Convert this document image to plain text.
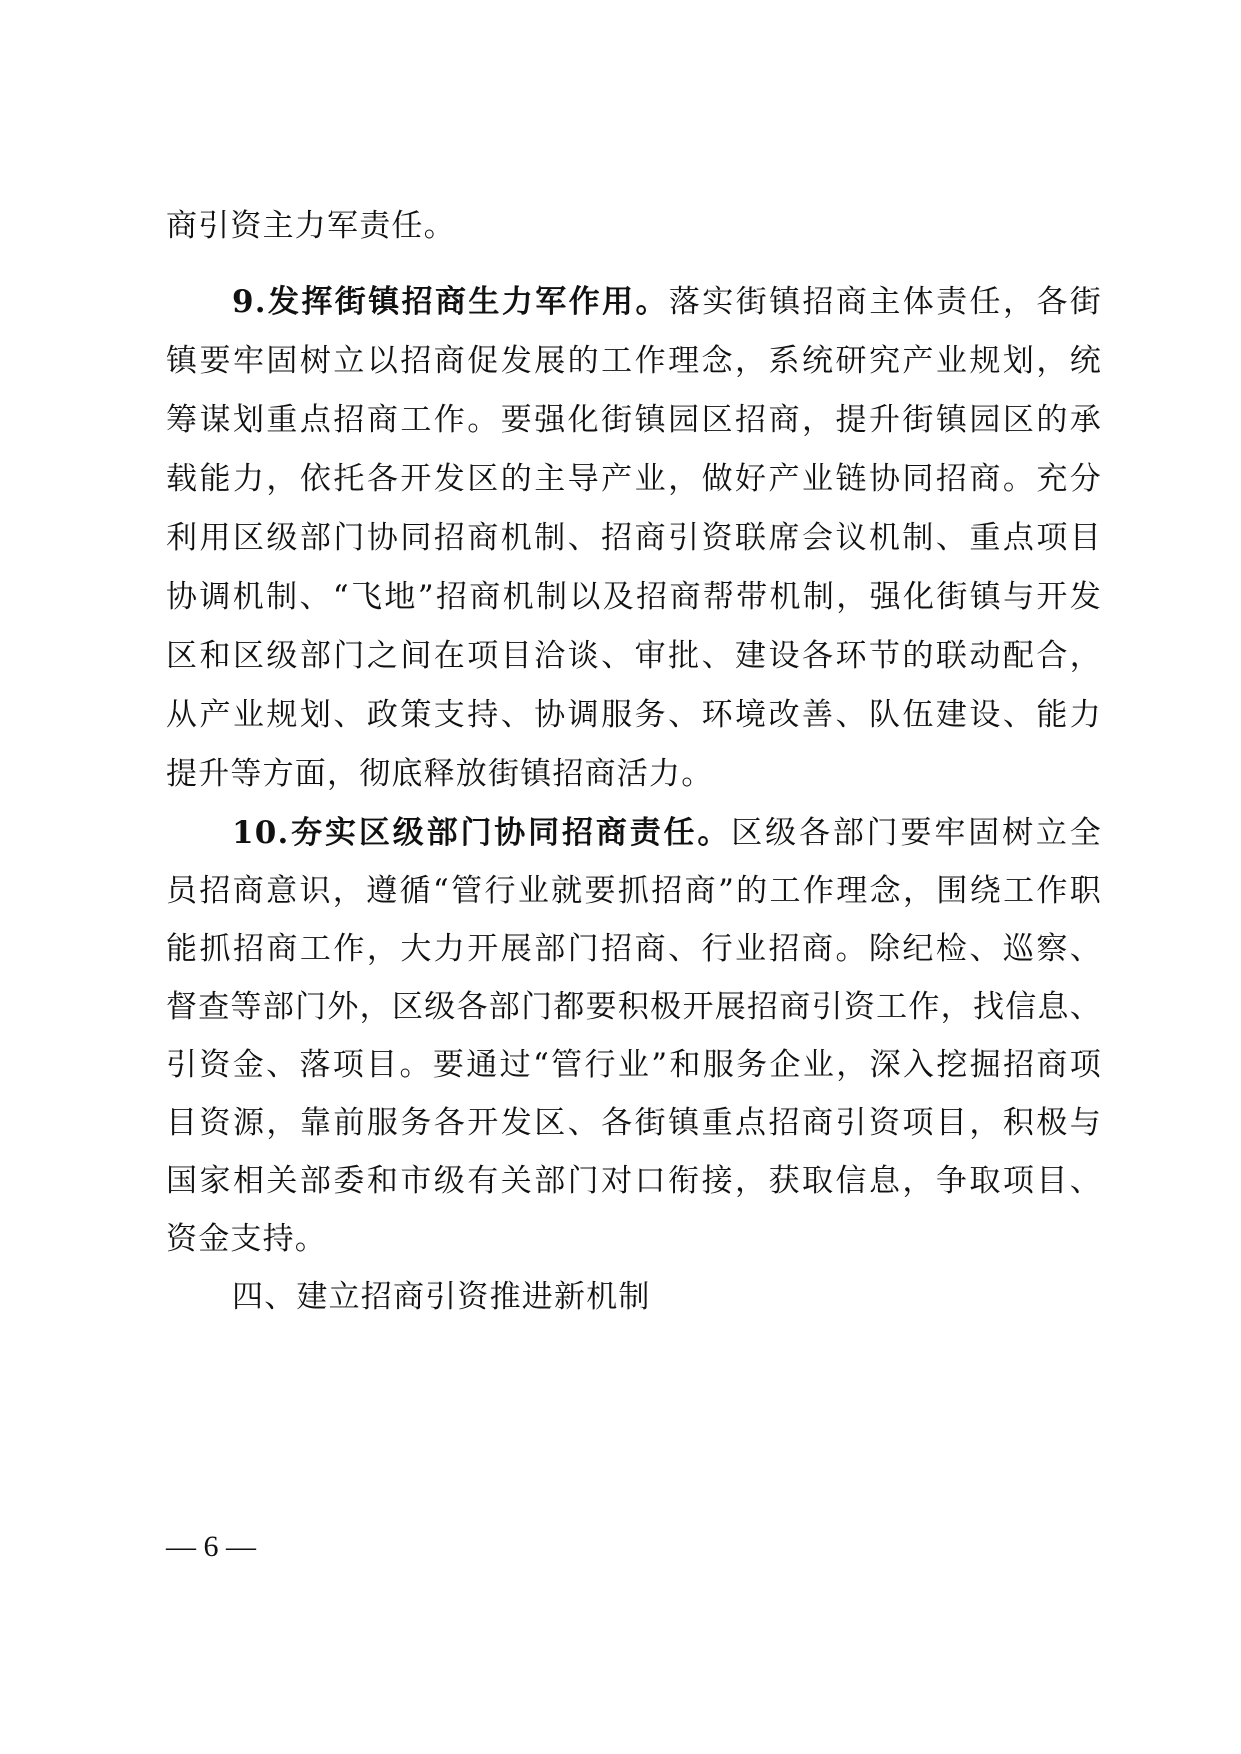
商引资主力军责任。
9.发挥街镇招商生力军作用。落实街镇招商主体责任，各街
镇要牢固树立以招商促发展的工作理念，系统研究产业规划，统
筹谋划重点招商工作。要强化街镇园区招商，提升街镇园区的承
载能力，依托各开发区的主导产业，做好产业链协同招商。充分
利用区级部门协同招商机制、招商引资联席会议机制、重点项目
协调机制、“飞地”招商机制以及招商帮带机制，强化街镇与开发
区和区级部门之间在项目洽谈、审批、建设各环节的联动配合，
从产业规划、政策支持、协调服务、环境改善、队伍建设、能力
提升等方面，彻底释放街镇招商活力。
10.夯实区级部门协同招商责任。区级各部门要牢固树立全
员招商意识，遵循“管行业就要抓招商”的工作理念，围绕工作职
能抓招商工作，大力开展部门招商、行业招商。除纪检、巡察、
督查等部门外，区级各部门都要积极开展招商引资工作，找信息、
引资金、落项目。要通过“管行业”和服务企业，深入挖掘招商项
目资源，靠前服务各开发区、各街镇重点招商引资项目，积极与
国家相关部委和市级有关部门对口衔接，获取信息，争取项目、
资金支持。
四、建立招商引资推进新机制
— 6 —
